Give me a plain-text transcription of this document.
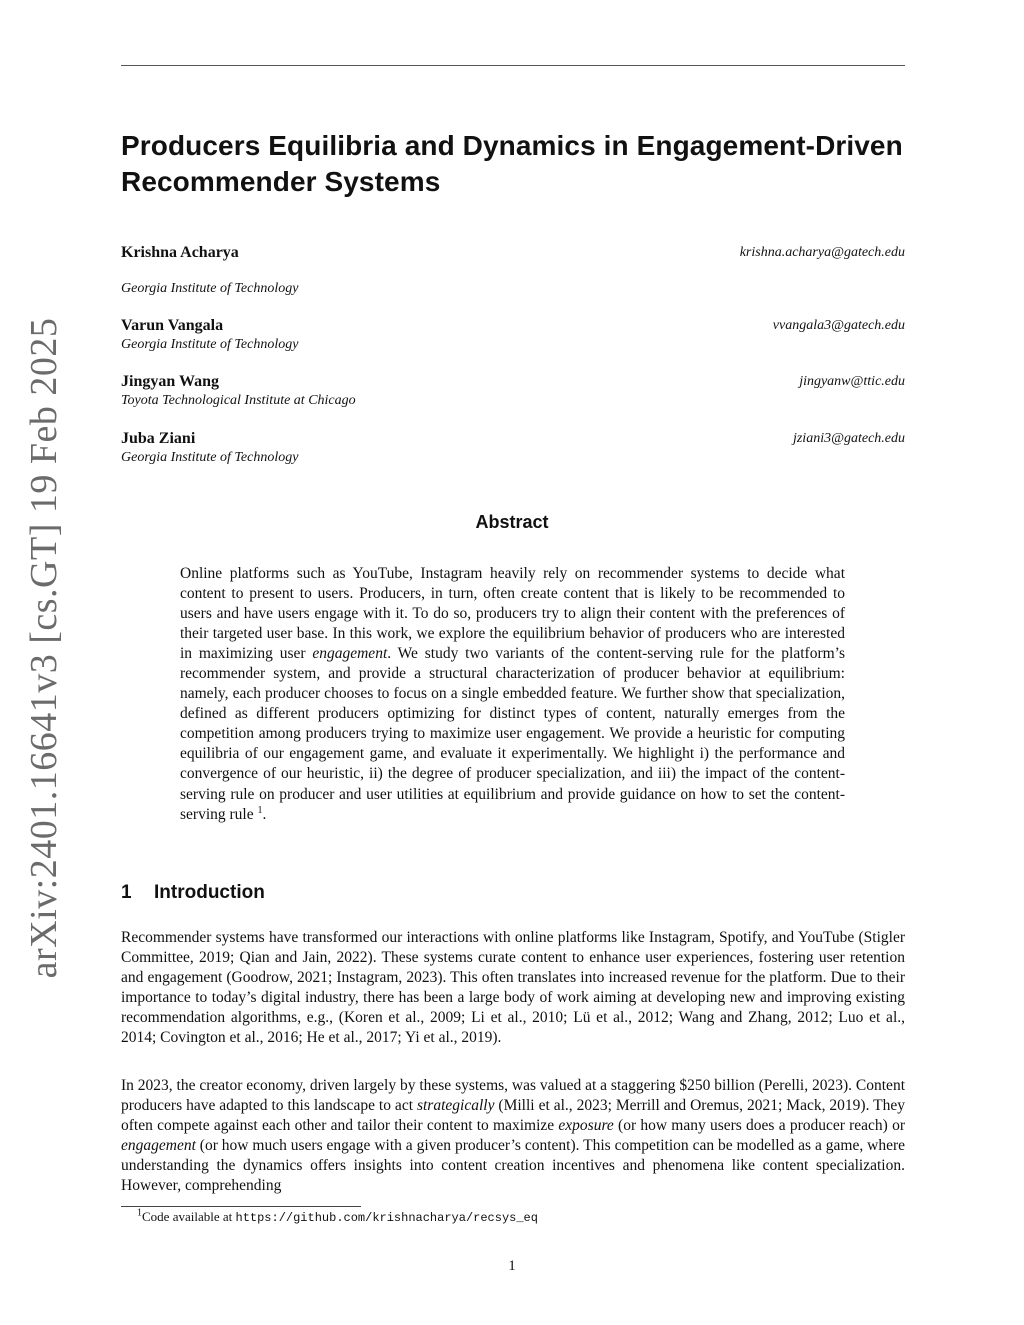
arXiv:2401.16641v3 [cs.GT] 19 Feb 2025
Producers Equilibria and Dynamics in Engagement-Driven Recommender Systems
Krishna Acharya	krishna.acharya@gatech.edu
Georgia Institute of Technology
Varun Vangala	vvangala3@gatech.edu
Georgia Institute of Technology
Jingyan Wang	jingyanw@ttic.edu
Toyota Technological Institute at Chicago
Juba Ziani	jziani3@gatech.edu
Georgia Institute of Technology
Abstract
Online platforms such as YouTube, Instagram heavily rely on recommender systems to decide what content to present to users. Producers, in turn, often create content that is likely to be recommended to users and have users engage with it. To do so, producers try to align their content with the preferences of their targeted user base. In this work, we explore the equilibrium behavior of producers who are interested in maximizing user engagement. We study two variants of the content-serving rule for the platform’s recommender system, and provide a structural characterization of producer behavior at equilibrium: namely, each producer chooses to focus on a single embedded feature. We further show that specialization, defined as different producers optimizing for distinct types of content, naturally emerges from the competition among producers trying to maximize user engagement. We provide a heuristic for computing equilibria of our engagement game, and evaluate it experimentally. We highlight i) the performance and convergence of our heuristic, ii) the degree of producer specialization, and iii) the impact of the content-serving rule on producer and user utilities at equilibrium and provide guidance on how to set the content-serving rule $^1$.
1 Introduction
Recommender systems have transformed our interactions with online platforms like Instagram, Spotify, and YouTube (Stigler Committee, 2019; Qian and Jain, 2022). These systems curate content to enhance user experiences, fostering user retention and engagement (Goodrow, 2021; Instagram, 2023). This often translates into increased revenue for the platform. Due to their importance to today’s digital industry, there has been a large body of work aiming at developing new and improving existing recommendation algorithms, e.g., (Koren et al., 2009; Li et al., 2010; Lü et al., 2012; Wang and Zhang, 2012; Luo et al., 2014; Covington et al., 2016; He et al., 2017; Yi et al., 2019).
In 2023, the creator economy, driven largely by these systems, was valued at a staggering $250 billion (Perelli, 2023). Content producers have adapted to this landscape to act strategically (Milli et al., 2023; Merrill and Oremus, 2021; Mack, 2019). They often compete against each other and tailor their content to maximize exposure (or how many users does a producer reach) or engagement (or how much users engage with a given producer’s content). This competition can be modelled as a game, where understanding the dynamics offers insights into content creation incentives and phenomena like content specialization. However, comprehending
$^1$Code available at https://github.com/krishnacharya/recsys_eq
1
